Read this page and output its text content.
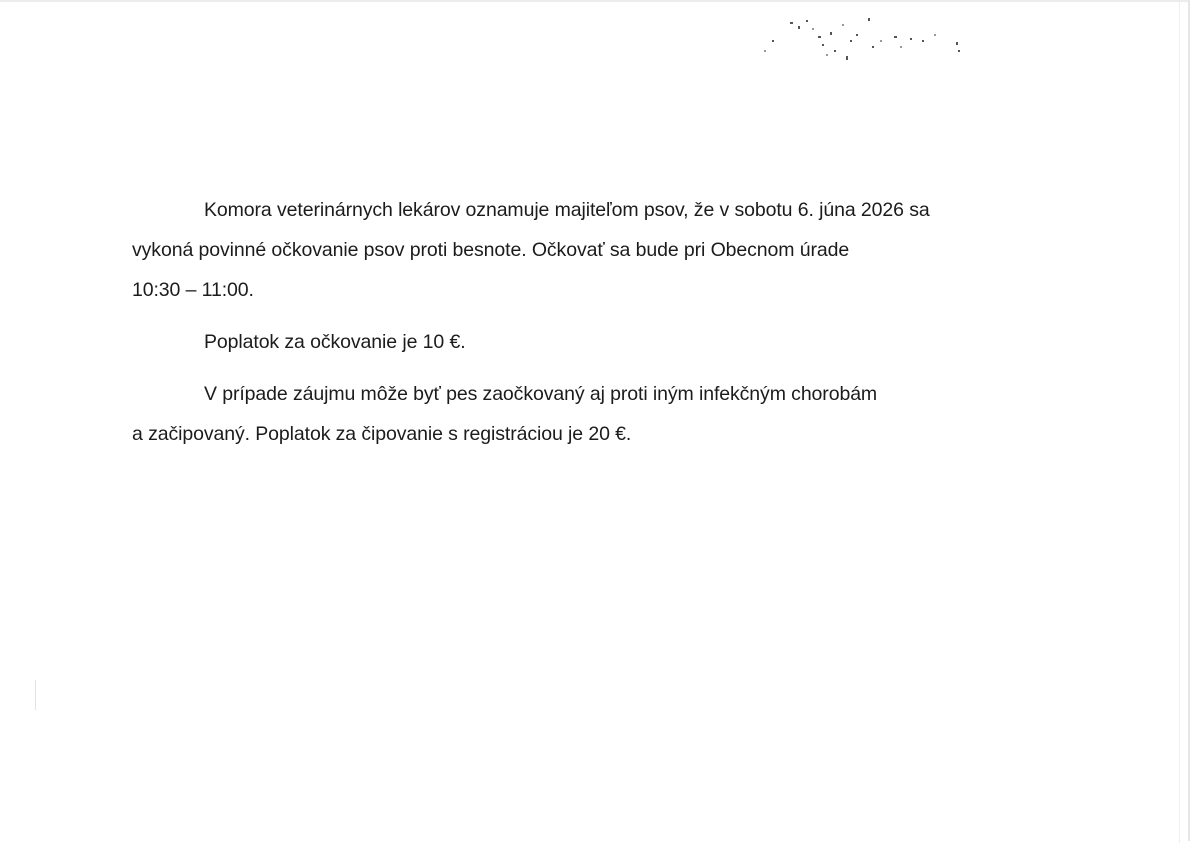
Komora veterinárnych lekárov oznamuje majiteľom psov, že v sobotu 6. júna 2026 sa

vykoná povinné očkovanie psov proti besnote. Očkovať sa bude pri Obecnom úrade

10:30 – 11:00.

Poplatok za očkovanie je 10 €.

V prípade záujmu môže byť pes zaočkovaný aj proti iným infekčným chorobám

a začipovaný. Poplatok za čipovanie s registráciou je 20 €.
